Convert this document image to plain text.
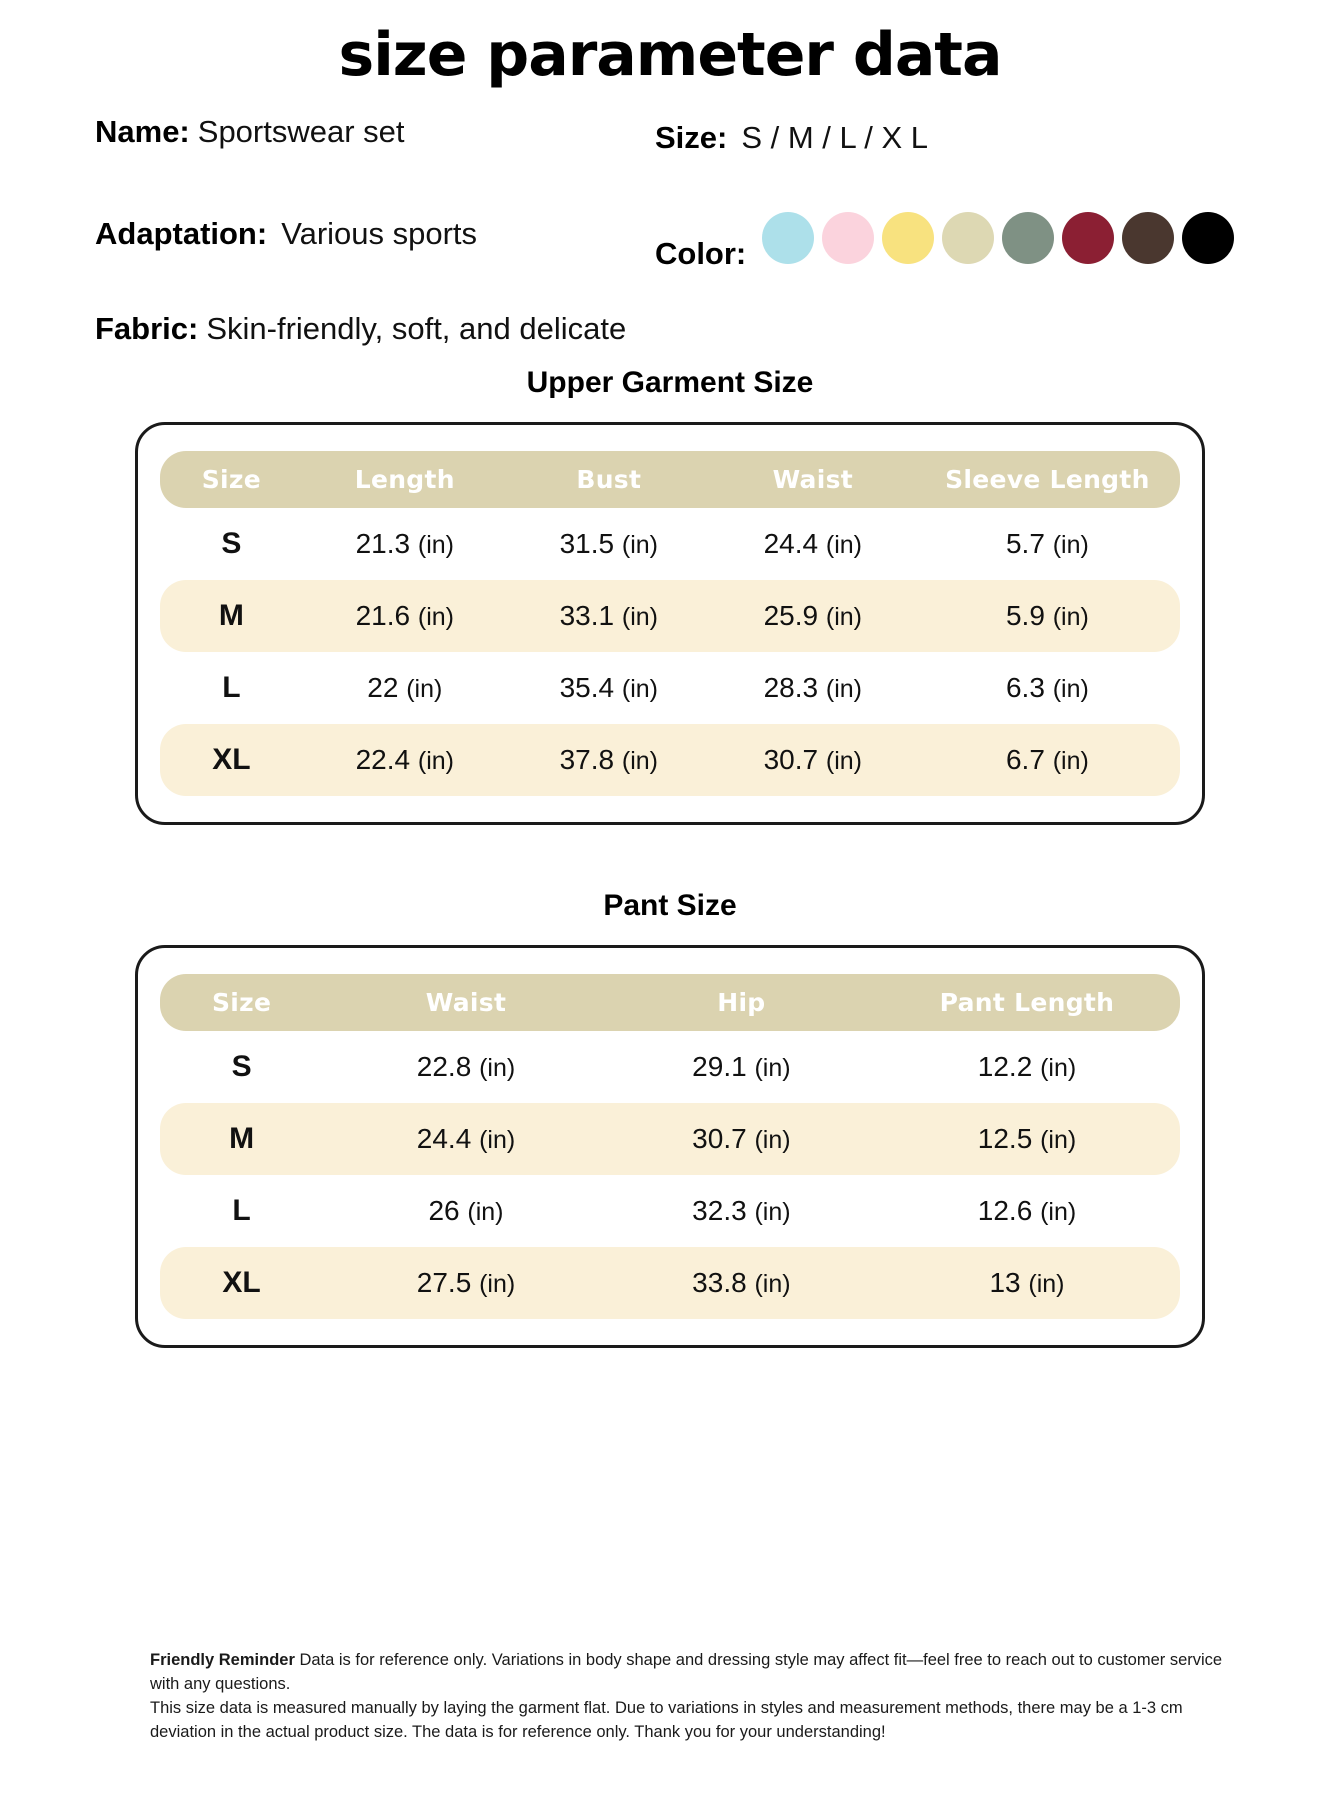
size parameter data
Name: Sportswear set	Size: S / M / L / X L
Adaptation: Various sports
Color:
Fabric: Skin-friendly, soft, and delicate
Upper Garment Size
Size	Length	Bust	Waist	Sleeve Length
S	21.3 (in)	31.5 (in)	24.4 (in)	5.7 (in)
M	21.6 (in)	33.1 (in)	25.9 (in)	5.9 (in)
L	22 (in)	35.4 (in)	28.3 (in)	6.3 (in)
XL	22.4 (in)	37.8 (in)	30.7 (in)	6.7 (in)
Pant Size
Size	Waist	Hip	Pant Length
S	22.8 (in)	29.1 (in)	12.2 (in)
M	24.4 (in)	30.7 (in)	12.5 (in)
L	26 (in)	32.3 (in)	12.6 (in)
XL	27.5 (in)	33.8 (in)	13 (in)

Friendly Reminder Data is for reference only. Variations in body shape and dressing style may affect fit—feel free to reach out to customer service with any questions.

This size data is measured manually by laying the garment flat. Due to variations in styles and measurement methods, there may be a 1-3 cm deviation in the actual product size. The data is for reference only. Thank you for your understanding!
